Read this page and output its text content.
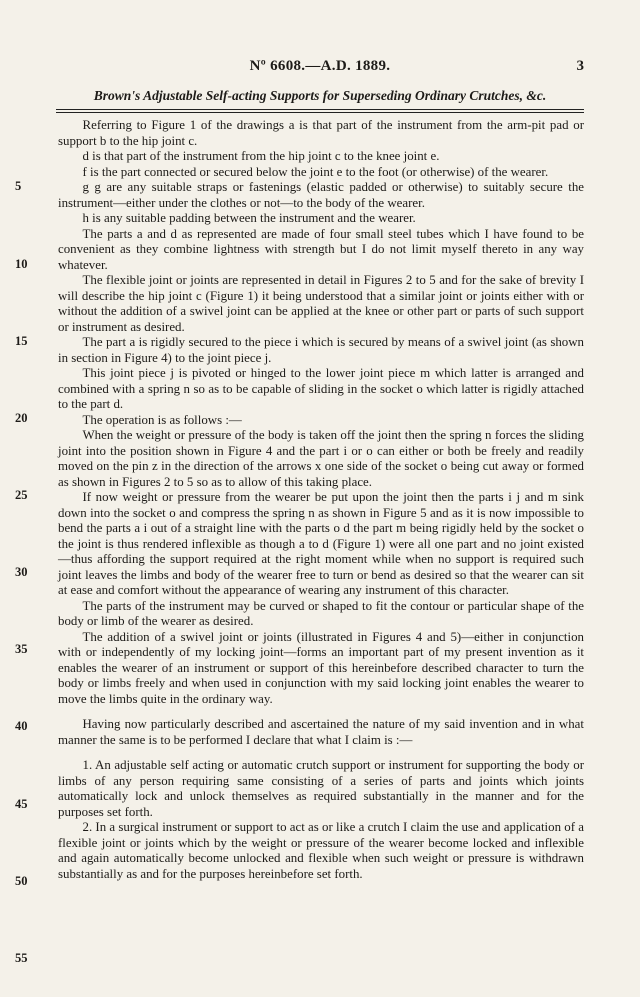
Nº 6608.—A.D. 1889.	3
Brown's Adjustable Self-acting Supports for Superseding Ordinary Crutches, &c.
5
10
15
20
25
30
35
40
45
50
55

Referring to Figure 1 of the drawings a is that part of the instrument from the arm-pit pad or support b to the hip joint c.

d is that part of the instrument from the hip joint c to the knee joint e.

f is the part connected or secured below the joint e to the foot (or otherwise) of the wearer.

g g are any suitable straps or fastenings (elastic padded or otherwise) to suitably secure the instrument—either under the clothes or not—to the body of the wearer.

h is any suitable padding between the instrument and the wearer.

The parts a and d as represented are made of four small steel tubes which I have found to be convenient as they combine lightness with strength but I do not limit myself thereto in any way whatever.

The flexible joint or joints are represented in detail in Figures 2 to 5 and for the sake of brevity I will describe the hip joint c (Figure 1) it being understood that a similar joint or joints either with or without the addition of a swivel joint can be applied at the knee or other part or parts of such support or instrument as desired.

The part a is rigidly secured to the piece i which is secured by means of a swivel joint (as shown in section in Figure 4) to the joint piece j.

This joint piece j is pivoted or hinged to the lower joint piece m which latter is arranged and combined with a spring n so as to be capable of sliding in the socket o which latter is rigidly attached to the part d.

The operation is as follows :—

When the weight or pressure of the body is taken off the joint then the spring n forces the sliding joint into the position shown in Figure 4 and the part i or o can either or both be freely and readily moved on the pin z in the direction of the arrows x one side of the socket o being cut away or formed as shown in Figures 2 to 5 so as to allow of this taking place.

If now weight or pressure from the wearer be put upon the joint then the parts i j and m sink down into the socket o and compress the spring n as shown in Figure 5 and as it is now impossible to bend the parts a i out of a straight line with the parts o d the part m being rigidly held by the socket o the joint is thus rendered inflexible as though a to d (Figure 1) were all one part and no joint existed—thus affording the support required at the right moment while when no support is required such joint leaves the limbs and body of the wearer free to turn or bend as desired so that the wearer can sit at ease and comfort without the appearance of wearing any instrument of this character.

The parts of the instrument may be curved or shaped to fit the contour or particular shape of the body or limb of the wearer as desired.

The addition of a swivel joint or joints (illustrated in Figures 4 and 5)—either in conjunction with or independently of my locking joint—forms an important part of my present invention as it enables the wearer of an instrument or support of this hereinbefore described character to turn the body or limbs freely and when used in conjunction with my said locking joint enables the wearer to move the limbs quite in the ordinary way.

Having now particularly described and ascertained the nature of my said invention and in what manner the same is to be performed I declare that what I claim is :—

1. An adjustable self acting or automatic crutch support or instrument for supporting the body or limbs of any person requiring same consisting of a series of parts and joints which joints automatically lock and unlock themselves as required substantially in the manner and for the purposes set forth.

2. In a surgical instrument or support to act as or like a crutch I claim the use and application of a flexible joint or joints which by the weight or pressure of the wearer become locked and inflexible and again automatically become unlocked and flexible when such weight or pressure is withdrawn substantially as and for the purposes hereinbefore set forth.
